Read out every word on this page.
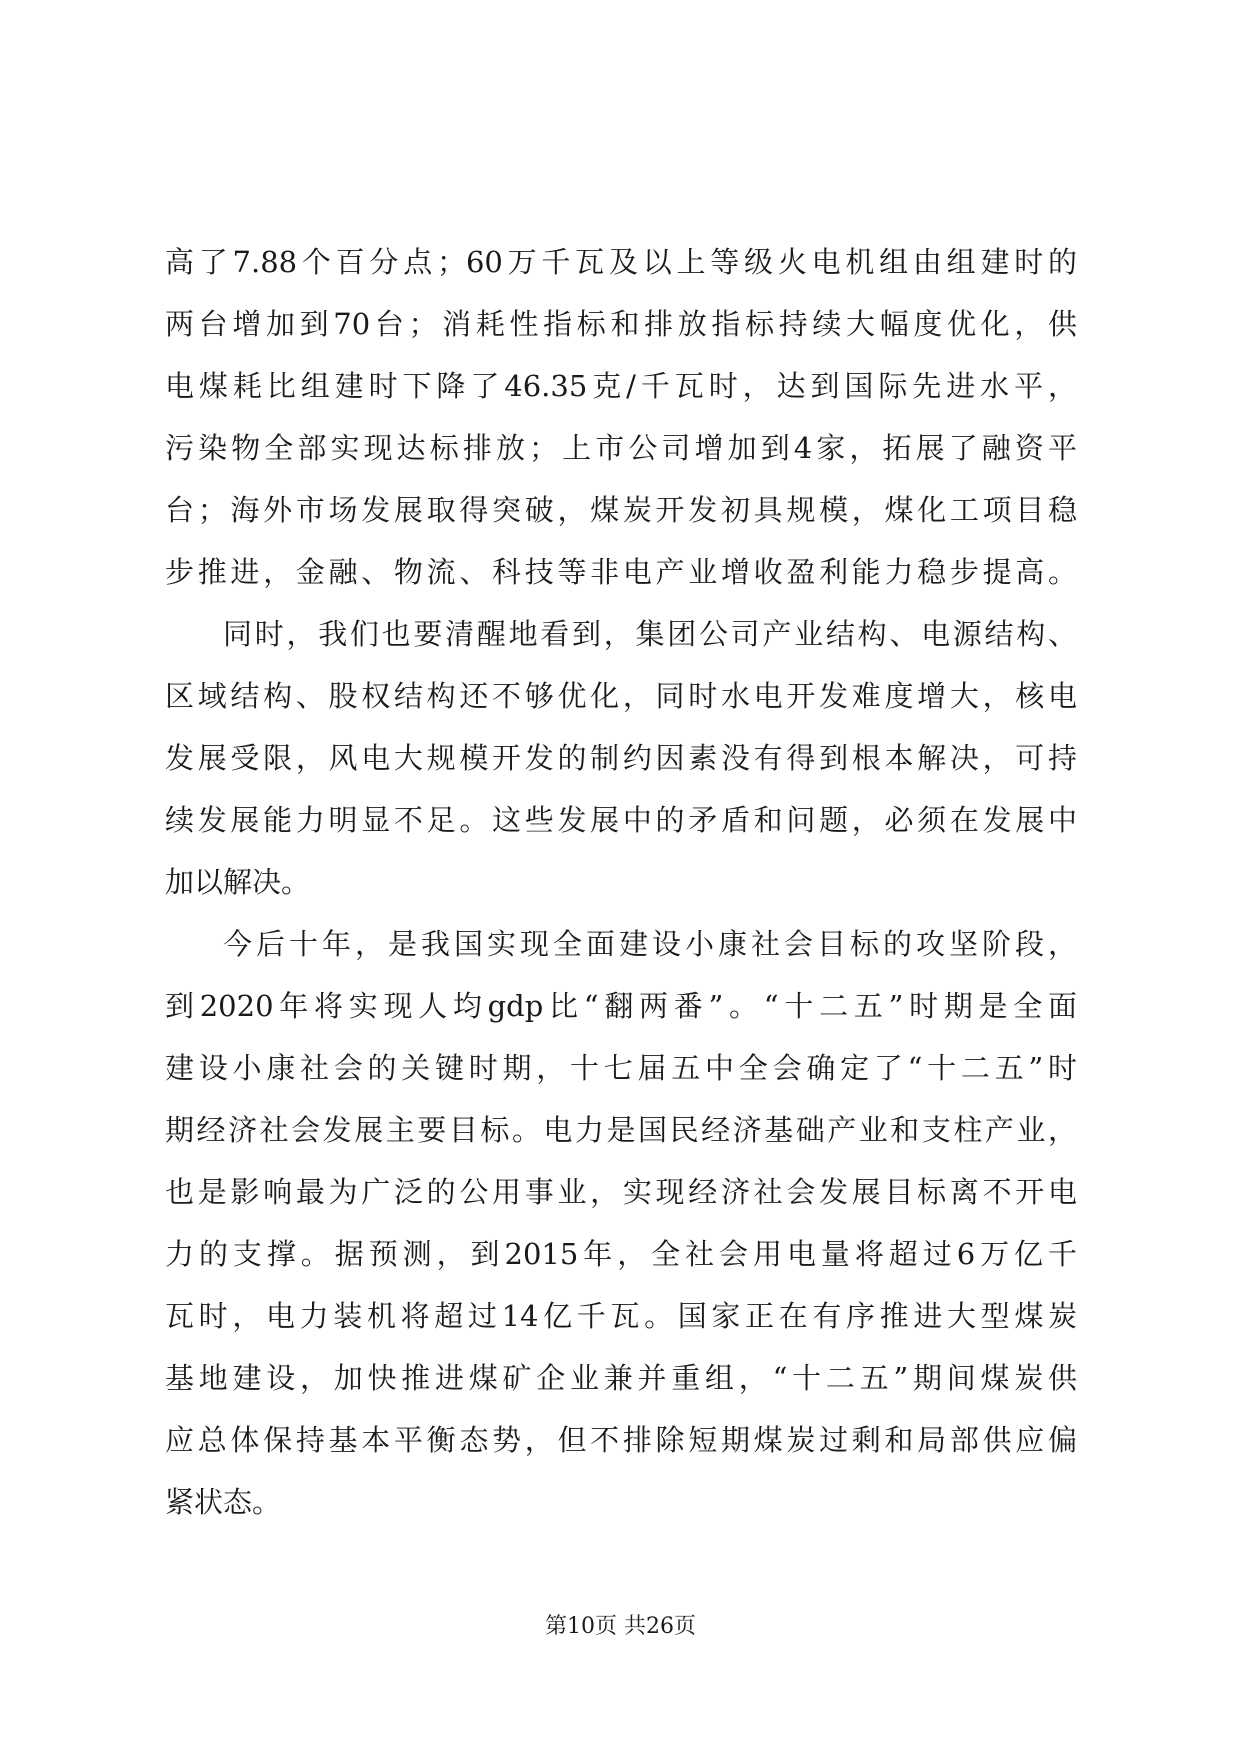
高了7.88个百分点；60万千瓦及以上等级火电机组由组建时的
两台增加到70台；消耗性指标和排放指标持续大幅度优化，供
电煤耗比组建时下降了46.35克/千瓦时，达到国际先进水平，
污染物全部实现达标排放；上市公司增加到4家，拓展了融资平
台；海外市场发展取得突破，煤炭开发初具规模，煤化工项目稳
步推进，金融、物流、科技等非电产业增收盈利能力稳步提高。
同时，我们也要清醒地看到，集团公司产业结构、电源结构、
区域结构、股权结构还不够优化，同时水电开发难度增大，核电
发展受限，风电大规模开发的制约因素没有得到根本解决，可持
续发展能力明显不足。这些发展中的矛盾和问题，必须在发展中
加以解决。
今后十年，是我国实现全面建设小康社会目标的攻坚阶段，
到2020年将实现人均gdp比“翻两番”。“十二五”时期是全面
建设小康社会的关键时期，十七届五中全会确定了“十二五”时
期经济社会发展主要目标。电力是国民经济基础产业和支柱产业，
也是影响最为广泛的公用事业，实现经济社会发展目标离不开电
力的支撑。据预测，到2015年，全社会用电量将超过6万亿千
瓦时，电力装机将超过14亿千瓦。国家正在有序推进大型煤炭
基地建设，加快推进煤矿企业兼并重组，“十二五”期间煤炭供
应总体保持基本平衡态势，但不排除短期煤炭过剩和局部供应偏
紧状态。
第10页 共26页
